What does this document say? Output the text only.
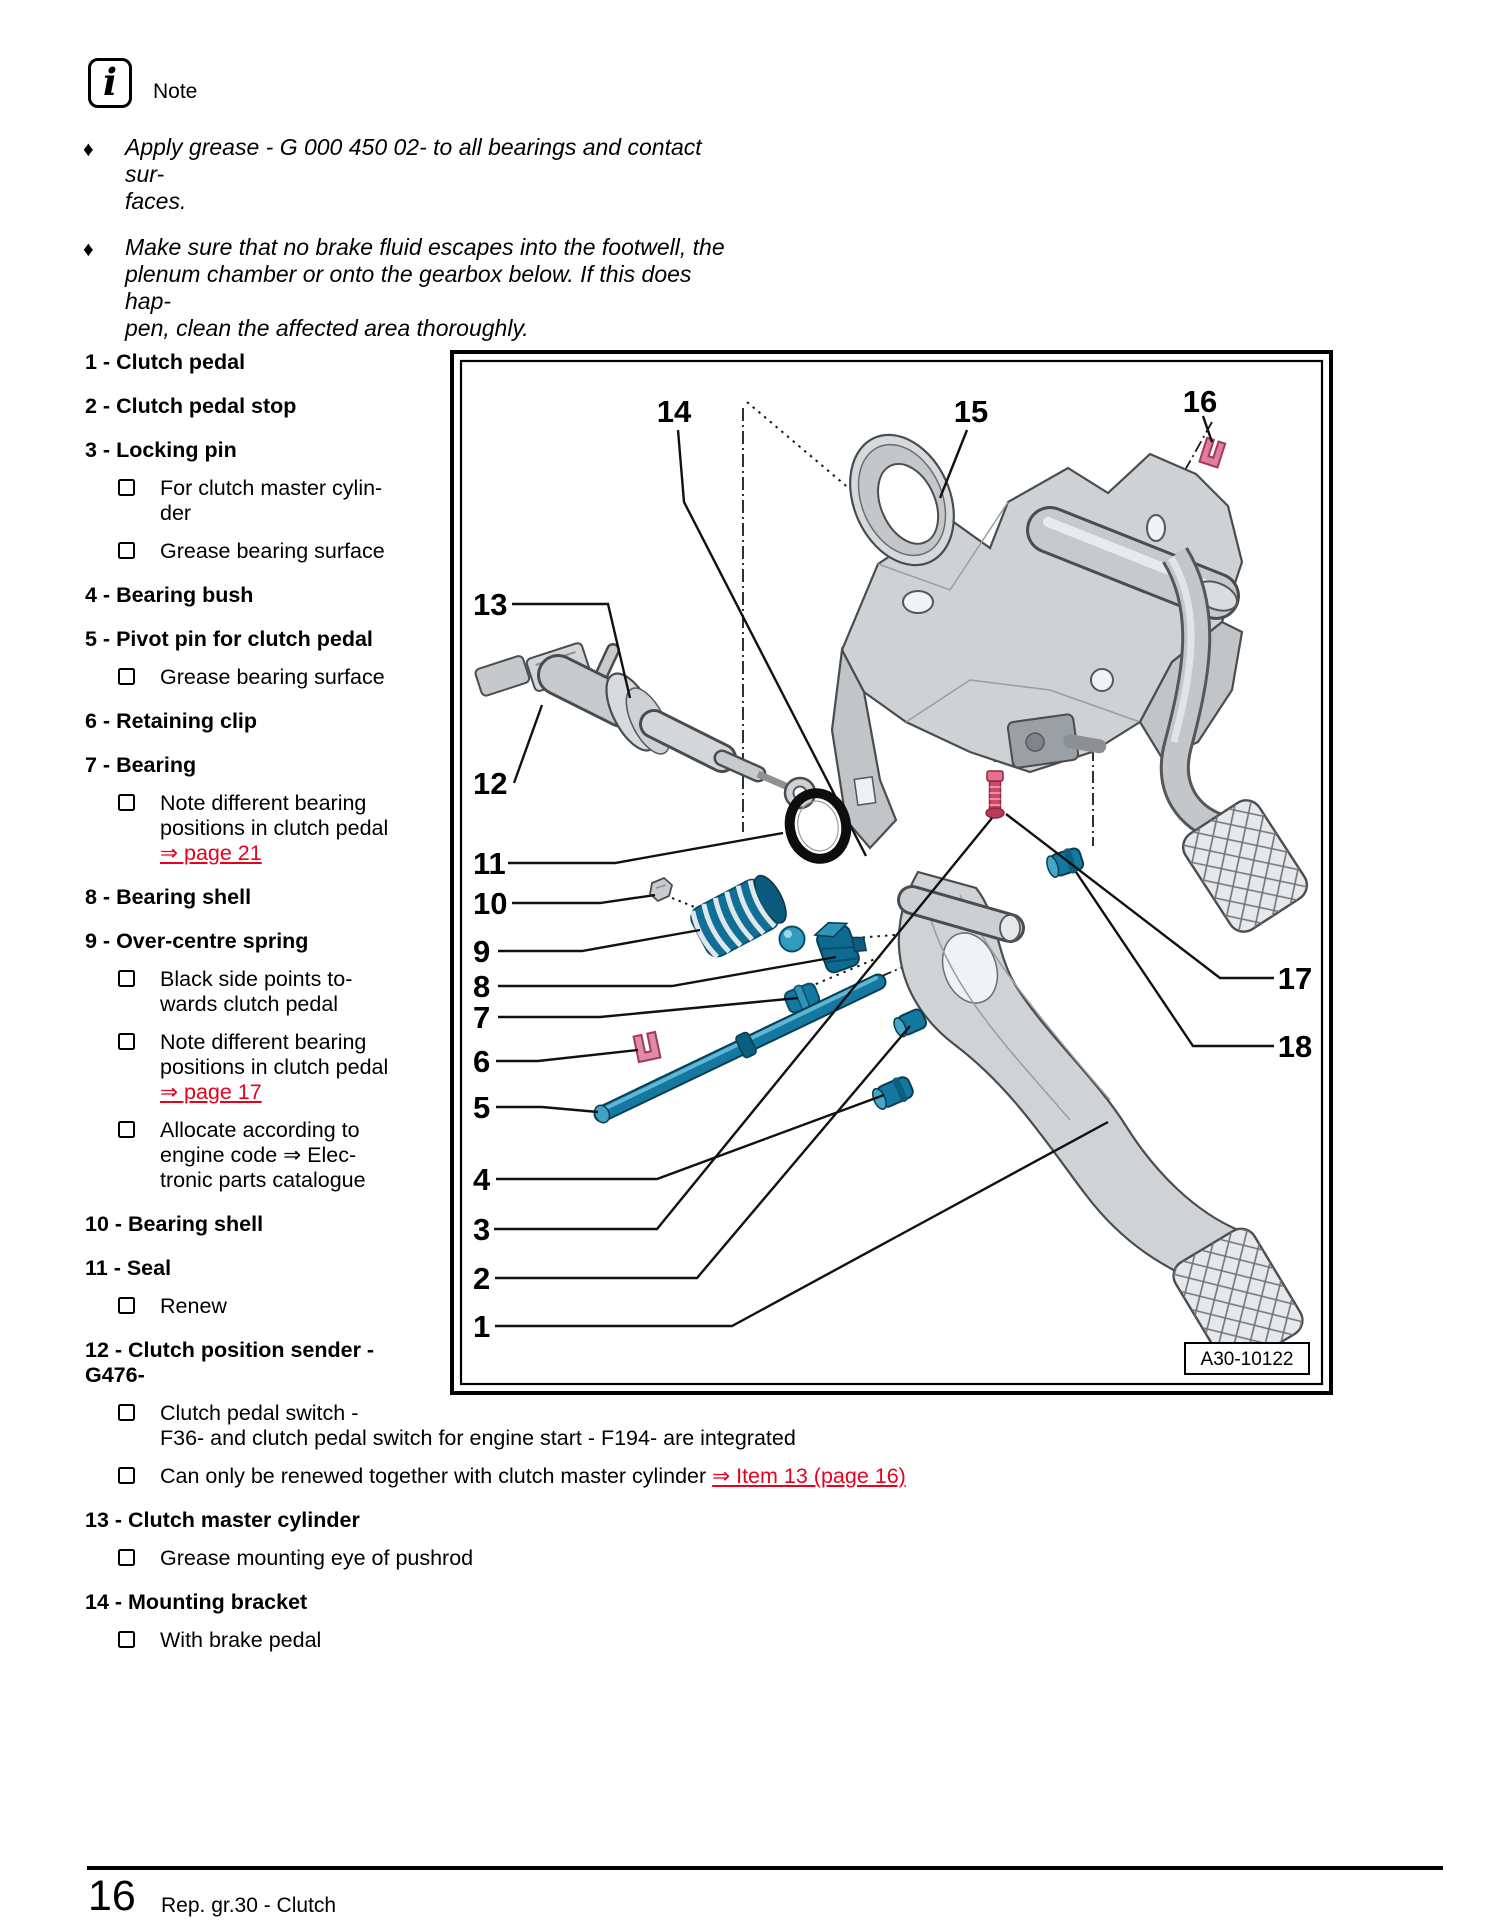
i	Note
♦ Apply grease - G 000 450 02- to all bearings and contact sur-
faces.
♦ Make sure that no brake fluid escapes into the footwell, the
plenum chamber or onto the gearbox below. If this does hap-
pen, clean the affected area thoroughly.
1 - Clutch pedal
2 - Clutch pedal stop
3 - Locking pin
For clutch master cylin-
der
Grease bearing surface
4 - Bearing bush
5 - Pivot pin for clutch pedal
Grease bearing surface
6 - Retaining clip
7 - Bearing
Note different bearing
positions in clutch pedal
⇒ page 21
8 - Bearing shell
9 - Over-centre spring
Black side points to-
wards clutch pedal
Note different bearing
positions in clutch pedal
⇒ page 17
Allocate according to
engine code ⇒ Elec-
tronic parts catalogue
10 - Bearing shell
11 - Seal
Renew
12 - Clutch position sender -
G476-
Clutch pedal switch -
F36- and clutch pedal switch for engine start - F194- are integrated
Can only be renewed together with clutch master cylinder ⇒ Item 13 (page 16)
13 - Clutch master cylinder
Grease mounting eye of pushrod
14 - Mounting bracket
With brake pedal
14	15	16
13
12
11
10
9
8
7
6
5
4
3
2
1
17
18
A30-10122
16 Rep. gr.30 - Clutch
